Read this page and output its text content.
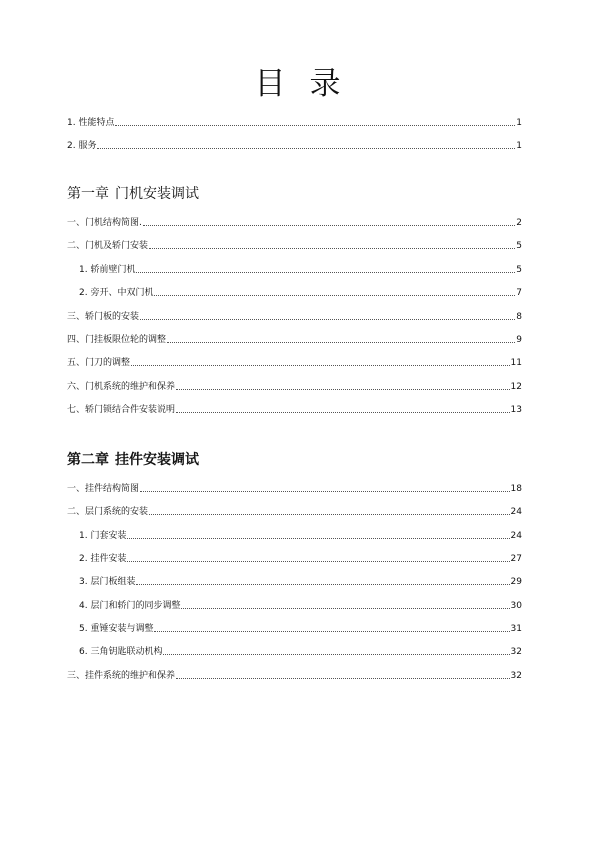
目录
1. 性能特点	1
2. 服务	1
第一章 门机安装调试
一、门机结构简图.	2
二、门机及轿门安装	5
1. 轿前壁门机	5
2. 旁开、中双门机	7
三、轿门板的安装	8
四、门挂板限位轮的调整	9
五、门刀的调整	11
六、门机系统的维护和保养	12
七、轿门锁结合件安装说明	13
第二章 挂件安装调试
一、挂件结构简图	18
二、层门系统的安装	24
1. 门套安装	24
2. 挂件安装	27
3. 层门板组装	29
4. 层门和轿门的同步调整	30
5. 重锤安装与调整	31
6. 三角钥匙联动机构	32
三、挂件系统的维护和保养	32
